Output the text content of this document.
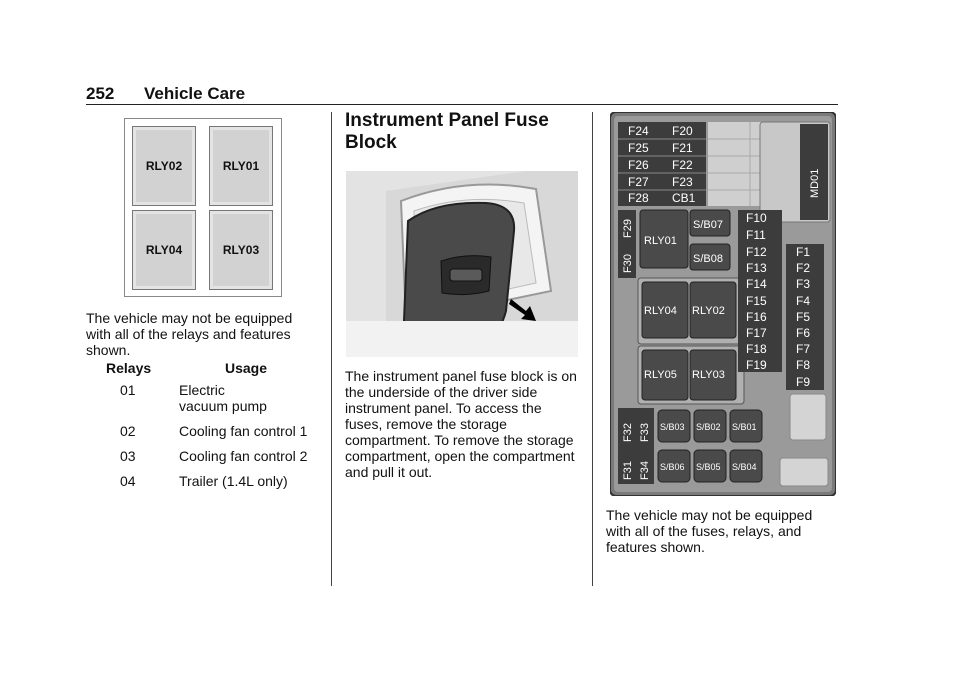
252 Vehicle Care
RLY02	RLY01
RLY04	RLY03
The vehicle may not be equipped with all of the relays and features shown.
Relays	Usage
01	Electric
vacuum pump
02	Cooling fan control 1
03	Cooling fan control 2
04	Trailer (1.4L only)
Instrument Panel Fuse
Block
The instrument panel fuse block is on the underside of the driver side instrument panel. To access the fuses, remove the storage compartment. To remove the storage compartment, open the compartment and pull it out.
F24 F20
F25 F21
F26 F22
F27 F23
F28 CB1	MD01
F29
F30
F32 F33
F31 F34
RLY01
RLY04 RLY02
RLY05 RLY03
S/B07
S/B08
F10
F11
F12
F13
F14
F15
F16
F17
F18
F19
F1
F2
F3
F4
F5
F6
F7
F8
F9
S/B03 S/B02 S/B01
S/B06 S/B05 S/B04
The vehicle may not be equipped with all of the fuses, relays, and features shown.
